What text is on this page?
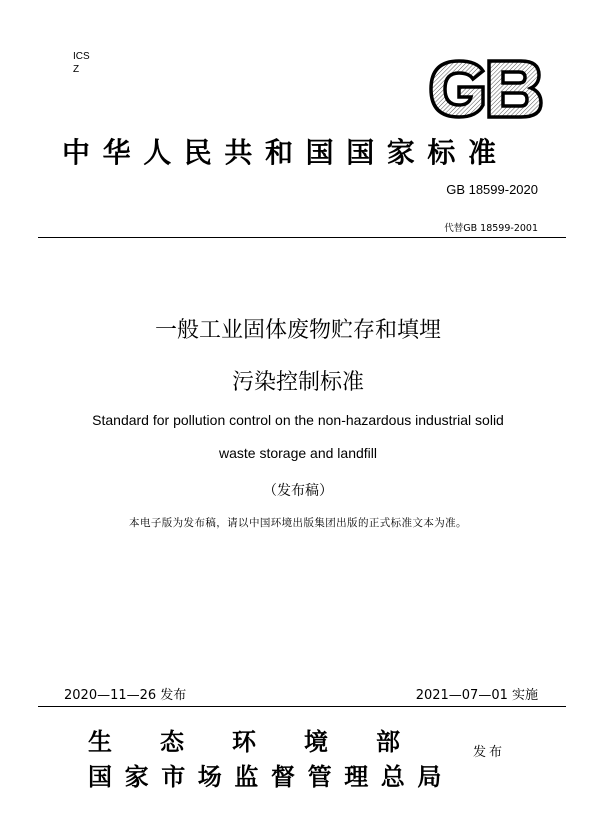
ICS
Z
GB
中华人民共和国国家标准
GB 18599-2020
代替GB 18599-2001
一般工业固体废物贮存和填埋
污染控制标准
Standard for pollution control on the non-hazardous industrial solid
waste storage and landfill
（发布稿）
本电子版为发布稿，请以中国环境出版集团出版的正式标准文本为准。
2020—11—26 发布	2021—07—01 实施
生　　态　　环　　境　　部
国家市场监督管理总局
发布
